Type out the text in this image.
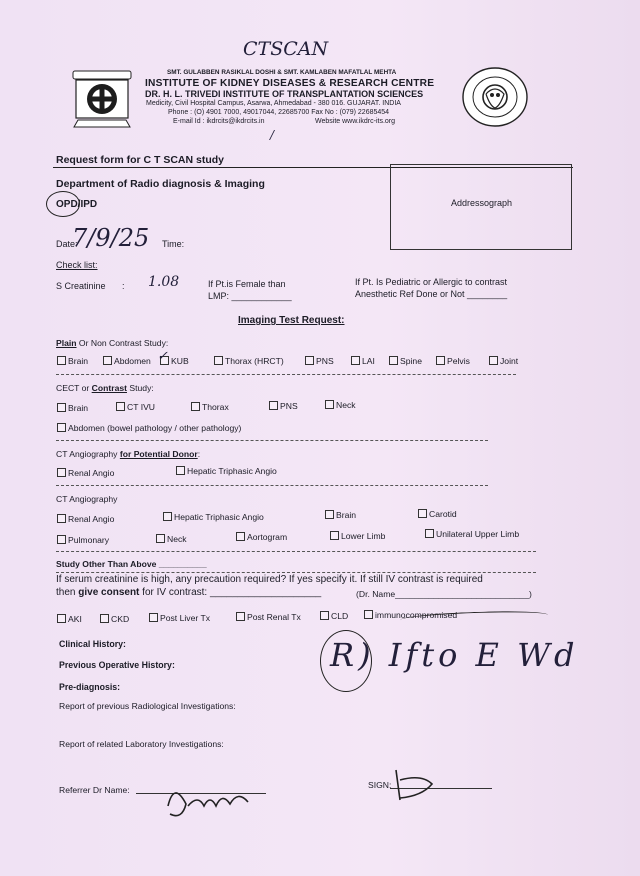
CTSCAN
SMT. GULABBEN RASIKLAL DOSHI & SMT. KAMLABEN MAFATLAL MEHTA
INSTITUTE OF KIDNEY DISEASES & RESEARCH CENTRE
DR. H. L. TRIVEDI INSTITUTE OF TRANSPLANTATION SCIENCES
Medicity, Civil Hospital Campus, Asarwa, Ahmedabad - 380 016. GUJARAT. INDIA
Phone : (O) 4901 7000, 49017044, 22685700 Fax No : (079) 22685454
E-mail Id : ikdrcits@ikdrcits.in	Website www.ikdrc-its.org
/
Request form for C T SCAN study
Addressograph
Department of Radio diagnosis & Imaging
OPD/IPD
Date:
7/9/25 Time:
Check list:
S Creatinine : 1.08	If Pt.is Female than
LMP: ____________
If Pt. Is Pediatric or Allergic to contrast
Anesthetic Ref Done or Not ________
Imaging Test Request:
Plain Or Non Contrast Study:
Brain	Abdomen	KUB
✓	Thorax (HRCT)	PNS	LAI	Spine	Pelvis	Joint
CECT or Contrast Study:
Brain	CT IVU	Thorax	PNS	Neck
Abdomen (bowel pathology / other pathology)
CT Angiography for Potential Donor:
Renal Angio	Hepatic Triphasic Angio
CT Angiography
Renal Angio	Hepatic Triphasic Angio	Brain	Carotid
Pulmonary	Neck	Aortogram	Lower Limb	Unilateral Upper Limb
Study Other Than Above __________
If serum creatinine is high, any precaution required? If yes specify it. If still IV contrast is required
then give consent for IV contrast: ____________________	(Dr. Name____________________________)
AKI	CKD	Post Liver Tx	Post Renal Tx	CLD	immunocompromised
Clinical History:
Previous Operative History:
Pre-diagnosis:
Report of previous Radiological Investigations:
Report of related Laboratory Investigations:
R) Ifto E Wd
Referrer Dr Name:	SIGN:
